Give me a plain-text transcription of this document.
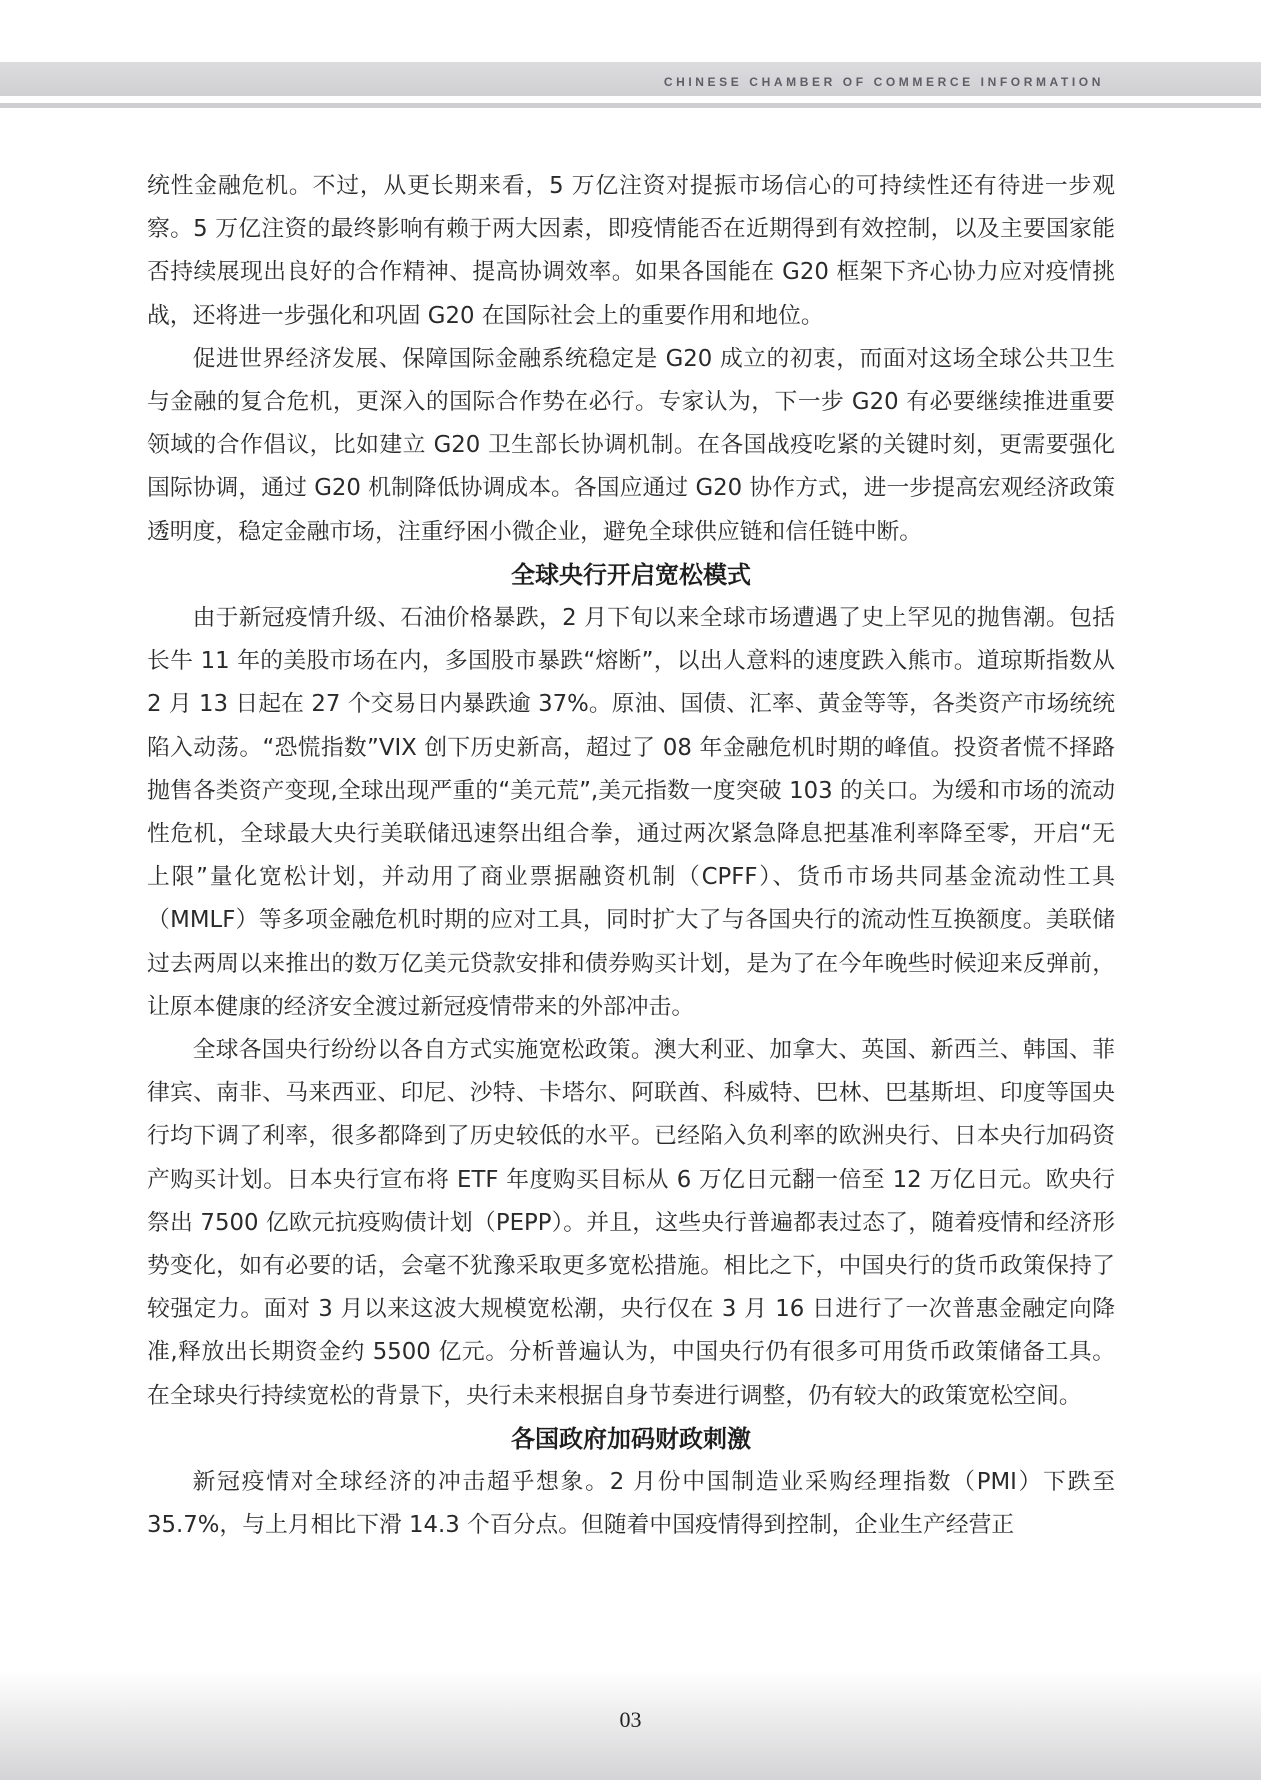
CHINESE CHAMBER OF COMMERCE INFORMATION

统性金融危机。不过，从更长期来看，5 万亿注资对提振市场信心的可持续性还有待进一步观察。5 万亿注资的最终影响有赖于两大因素，即疫情能否在近期得到有效控制，以及主要国家能否持续展现出良好的合作精神、提高协调效率。如果各国能在 G20 框架下齐心协力应对疫情挑战，还将进一步强化和巩固 G20 在国际社会上的重要作用和地位。

促进世界经济发展、保障国际金融系统稳定是 G20 成立的初衷，而面对这场全球公共卫生与金融的复合危机，更深入的国际合作势在必行。专家认为，下一步 G20 有必要继续推进重要领域的合作倡议，比如建立 G20 卫生部长协调机制。在各国战疫吃紧的关键时刻，更需要强化国际协调，通过 G20 机制降低协调成本。各国应通过 G20 协作方式，进一步提高宏观经济政策透明度，稳定金融市场，注重纾困小微企业，避免全球供应链和信任链中断。

全球央行开启宽松模式

由于新冠疫情升级、石油价格暴跌，2 月下旬以来全球市场遭遇了史上罕见的抛售潮。包括长牛 11 年的美股市场在内，多国股市暴跌“熔断”，以出人意料的速度跌入熊市。道琼斯指数从 2 月 13 日起在 27 个交易日内暴跌逾 37%。原油、国债、汇率、黄金等等，各类资产市场统统陷入动荡。“恐慌指数”VIX 创下历史新高，超过了 08 年金融危机时期的峰值。投资者慌不择路抛售各类资产变现,全球出现严重的“美元荒”,美元指数一度突破 103 的关口。为缓和市场的流动性危机，全球最大央行美联储迅速祭出组合拳，通过两次紧急降息把基准利率降至零，开启“无上限”量化宽松计划，并动用了商业票据融资机制（CPFF）、货币市场共同基金流动性工具（MMLF）等多项金融危机时期的应对工具，同时扩大了与各国央行的流动性互换额度。美联储过去两周以来推出的数万亿美元贷款安排和债券购买计划，是为了在今年晚些时候迎来反弹前，让原本健康的经济安全渡过新冠疫情带来的外部冲击。

全球各国央行纷纷以各自方式实施宽松政策。澳大利亚、加拿大、英国、新西兰、韩国、菲律宾、南非、马来西亚、印尼、沙特、卡塔尔、阿联酋、科威特、巴林、巴基斯坦、印度等国央行均下调了利率，很多都降到了历史较低的水平。已经陷入负利率的欧洲央行、日本央行加码资产购买计划。日本央行宣布将 ETF 年度购买目标从 6 万亿日元翻一倍至 12 万亿日元。欧央行祭出 7500 亿欧元抗疫购债计划（PEPP）。并且，这些央行普遍都表过态了，随着疫情和经济形势变化，如有必要的话，会毫不犹豫采取更多宽松措施。相比之下，中国央行的货币政策保持了较强定力。面对 3 月以来这波大规模宽松潮，央行仅在 3 月 16 日进行了一次普惠金融定向降准,释放出长期资金约 5500 亿元。分析普遍认为，中国央行仍有很多可用货币政策储备工具。在全球央行持续宽松的背景下，央行未来根据自身节奏进行调整，仍有较大的政策宽松空间。

各国政府加码财政刺激

新冠疫情对全球经济的冲击超乎想象。2 月份中国制造业采购经理指数（PMI）下跌至 35.7%，与上月相比下滑 14.3 个百分点。但随着中国疫情得到控制，企业生产经营正

03
